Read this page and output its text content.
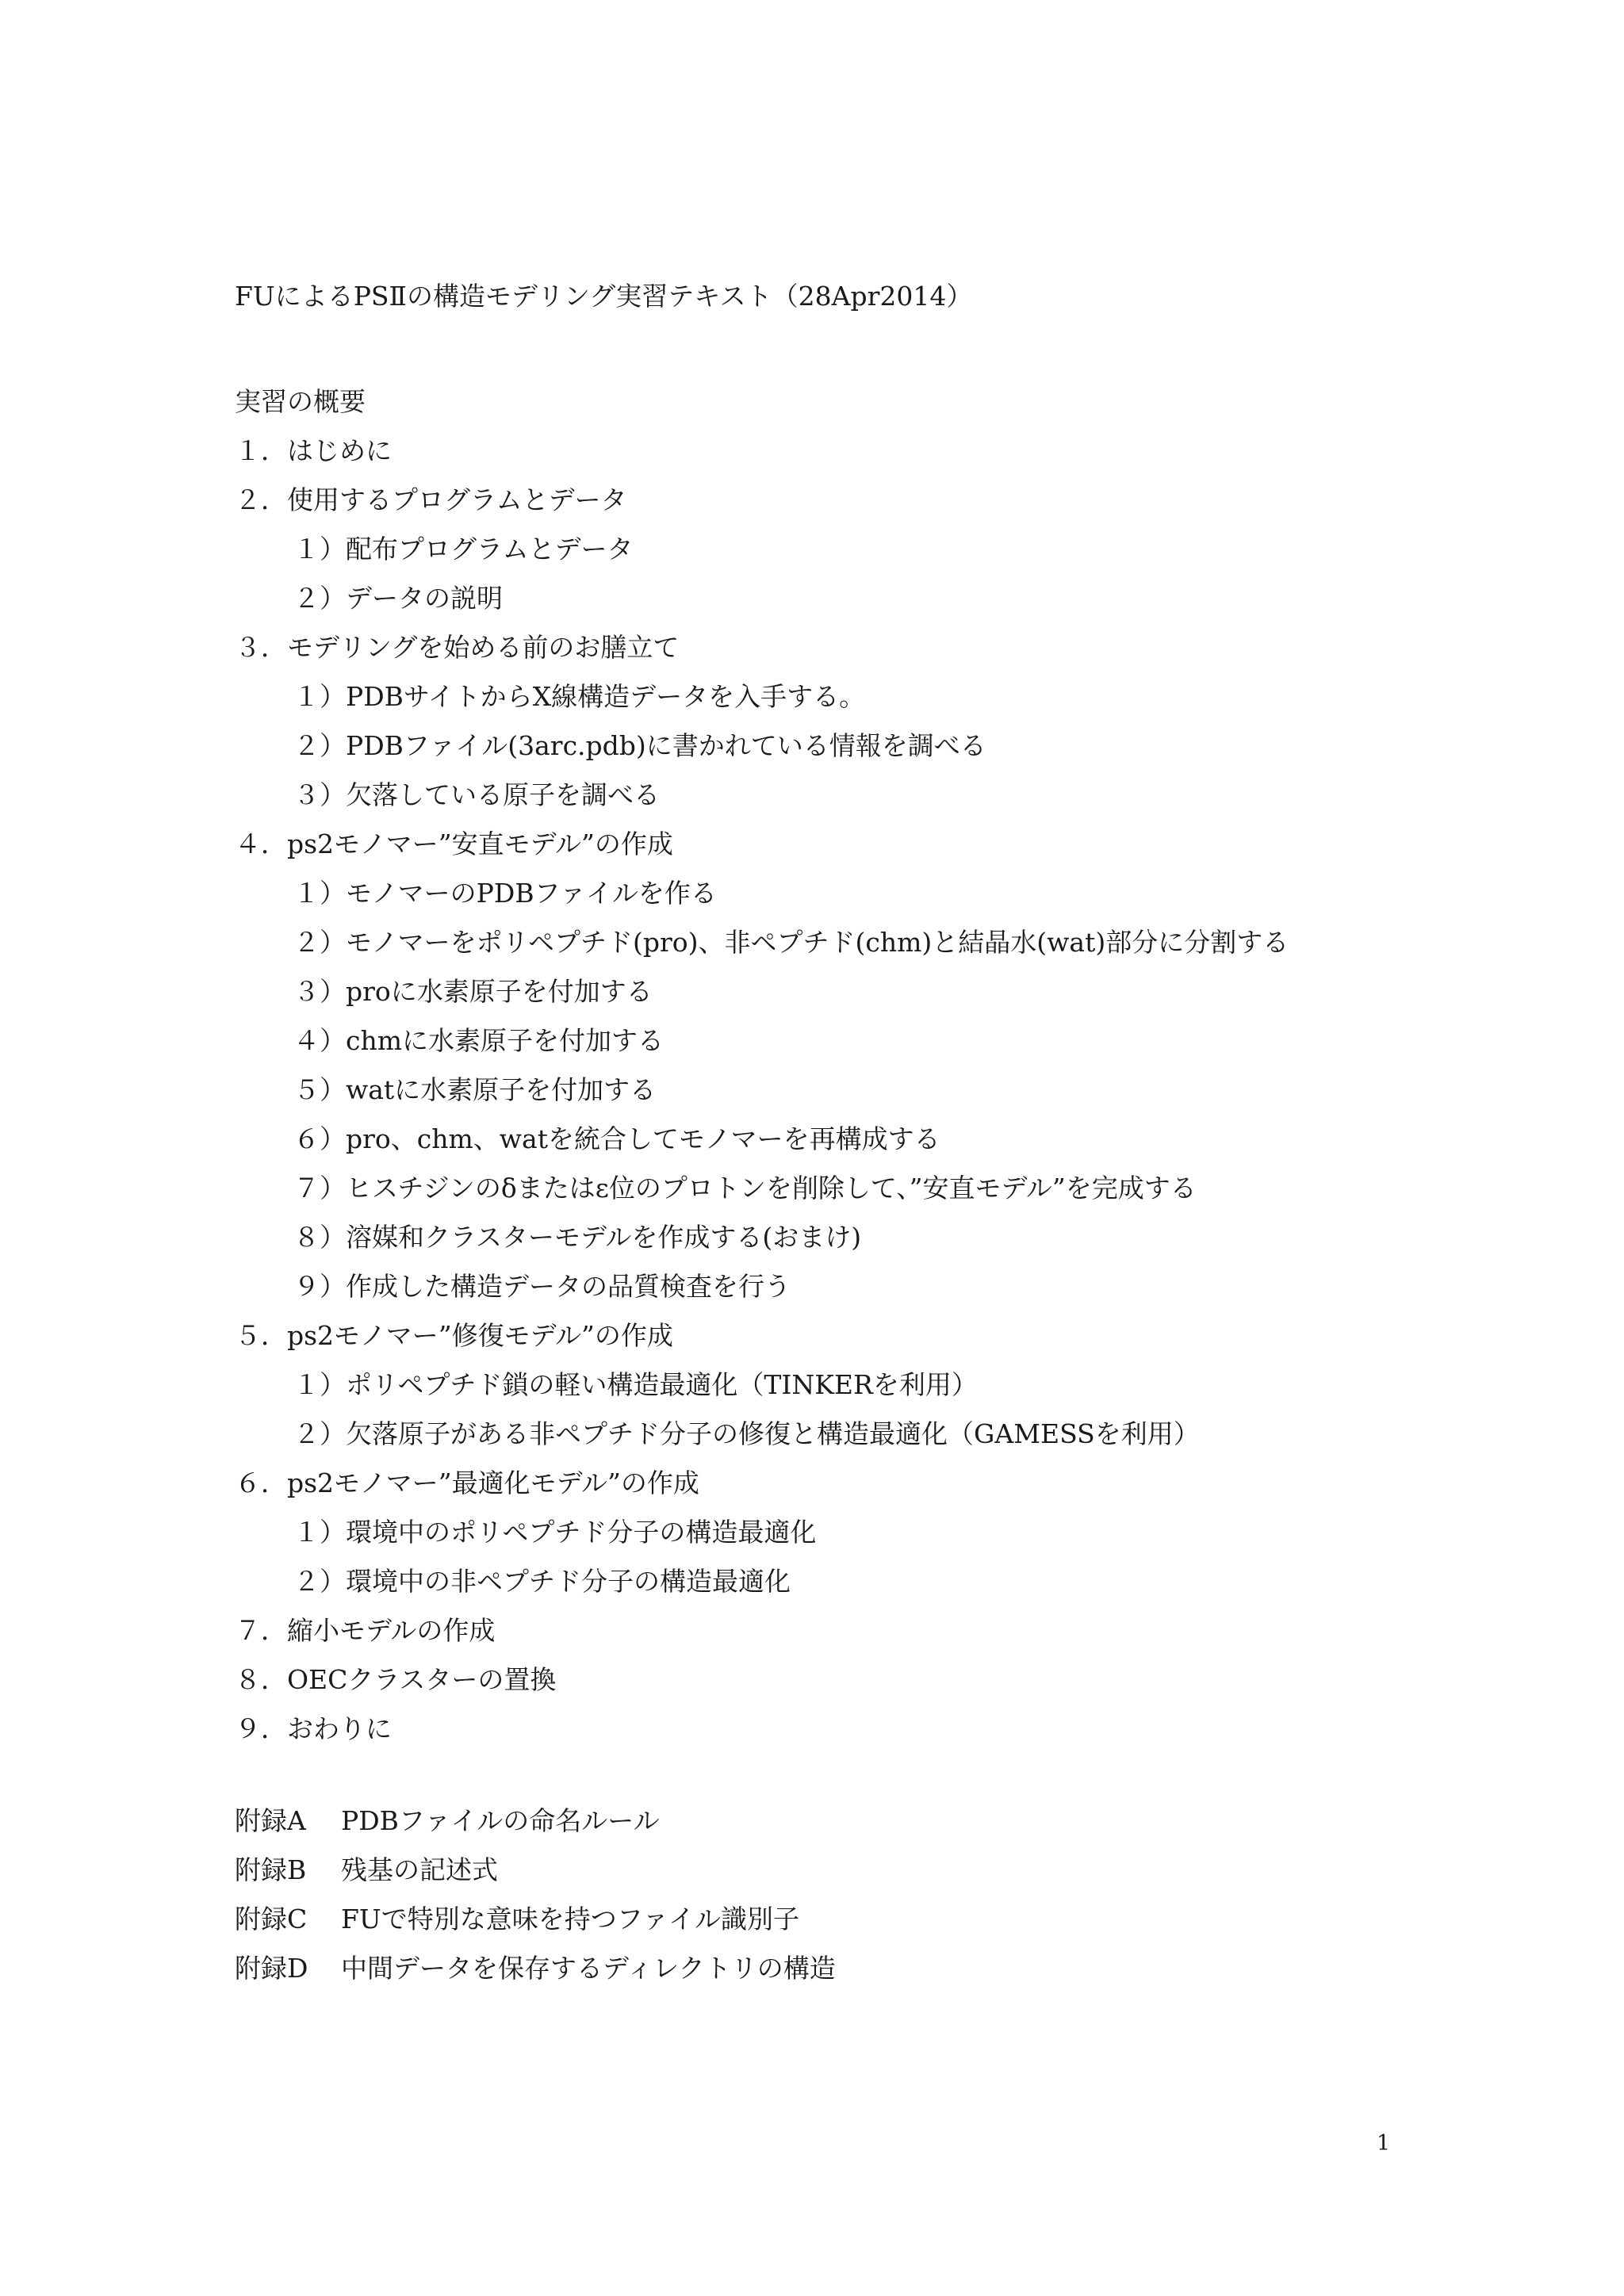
FUによるPSⅡの構造モデリング実習テキスト（28Apr2014）
実習の概要
１．はじめに
２．使用するプログラムとデータ
１）配布プログラムとデータ
２）データの説明
３．モデリングを始める前のお膳立て
１）PDBサイトからX線構造データを入手する。
２）PDBファイル(3arc.pdb)に書かれている情報を調べる
３）欠落している原子を調べる
４．ps2モノマー”安直モデル”の作成
１）モノマーのPDBファイルを作る
２）モノマーをポリペプチド(pro)、非ペプチド(chm)と結晶水(wat)部分に分割する
３）proに水素原子を付加する
４）chmに水素原子を付加する
５）watに水素原子を付加する
６）pro、chm、watを統合してモノマーを再構成する
７）ヒスチジンのδまたはε位のプロトンを削除して、”安直モデル”を完成する
８）溶媒和クラスターモデルを作成する(おまけ)
９）作成した構造データの品質検査を行う
５．ps2モノマー”修復モデル”の作成
１）ポリペプチド鎖の軽い構造最適化（TINKERを利用）
２）欠落原子がある非ペプチド分子の修復と構造最適化（GAMESSを利用）
６．ps2モノマー”最適化モデル”の作成
１）環境中のポリペプチド分子の構造最適化
２）環境中の非ペプチド分子の構造最適化
７．縮小モデルの作成
８．OECクラスターの置換
９．おわりに
附録A PDBファイルの命名ルール
附録B 残基の記述式
附録C FUで特別な意味を持つファイル識別子
附録D 中間データを保存するディレクトリの構造
1
